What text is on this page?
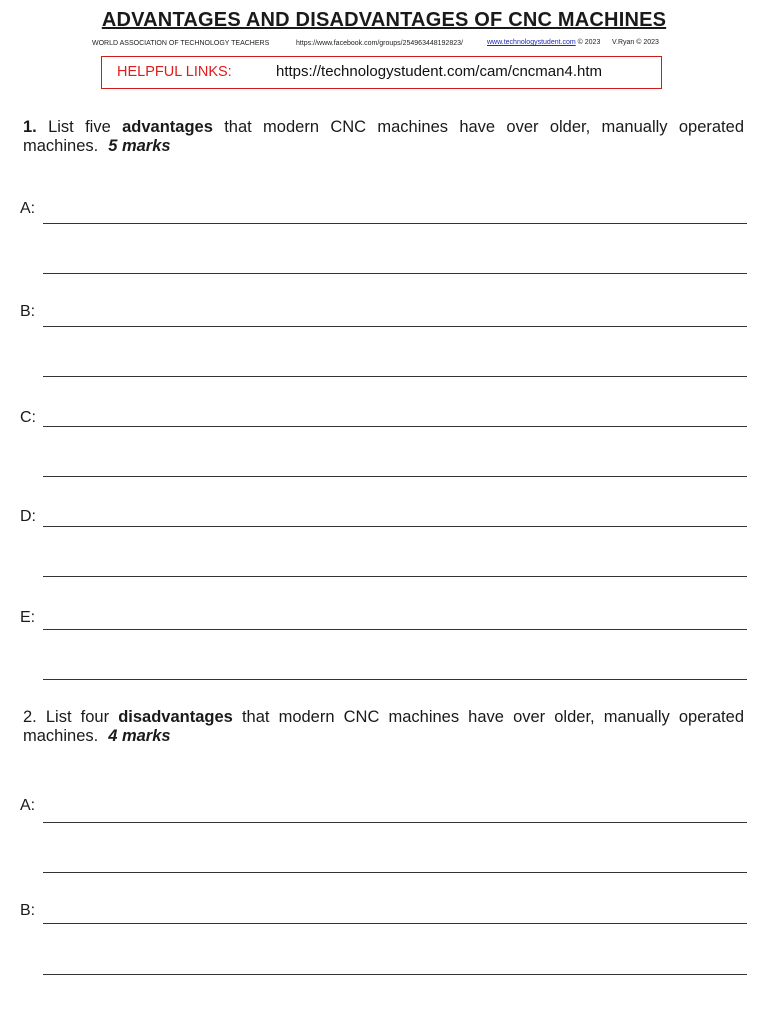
ADVANTAGES AND DISADVANTAGES OF CNC MACHINES
WORLD ASSOCIATION OF TECHNOLOGY TEACHERS	https://www.facebook.com/groups/254963448192823/	www.technologystudent.com © 2023 V.Ryan © 2023
HELPFUL LINKS:	https://technologystudent.com/cam/cncman4.htm

1. List five advantages that modern CNC machines have over older, manually operated machines. 5 marks

A:
B:
C:
D:
E:

2. List four disadvantages that modern CNC machines have over older, manually operated machines. 4 marks

A:
B:
